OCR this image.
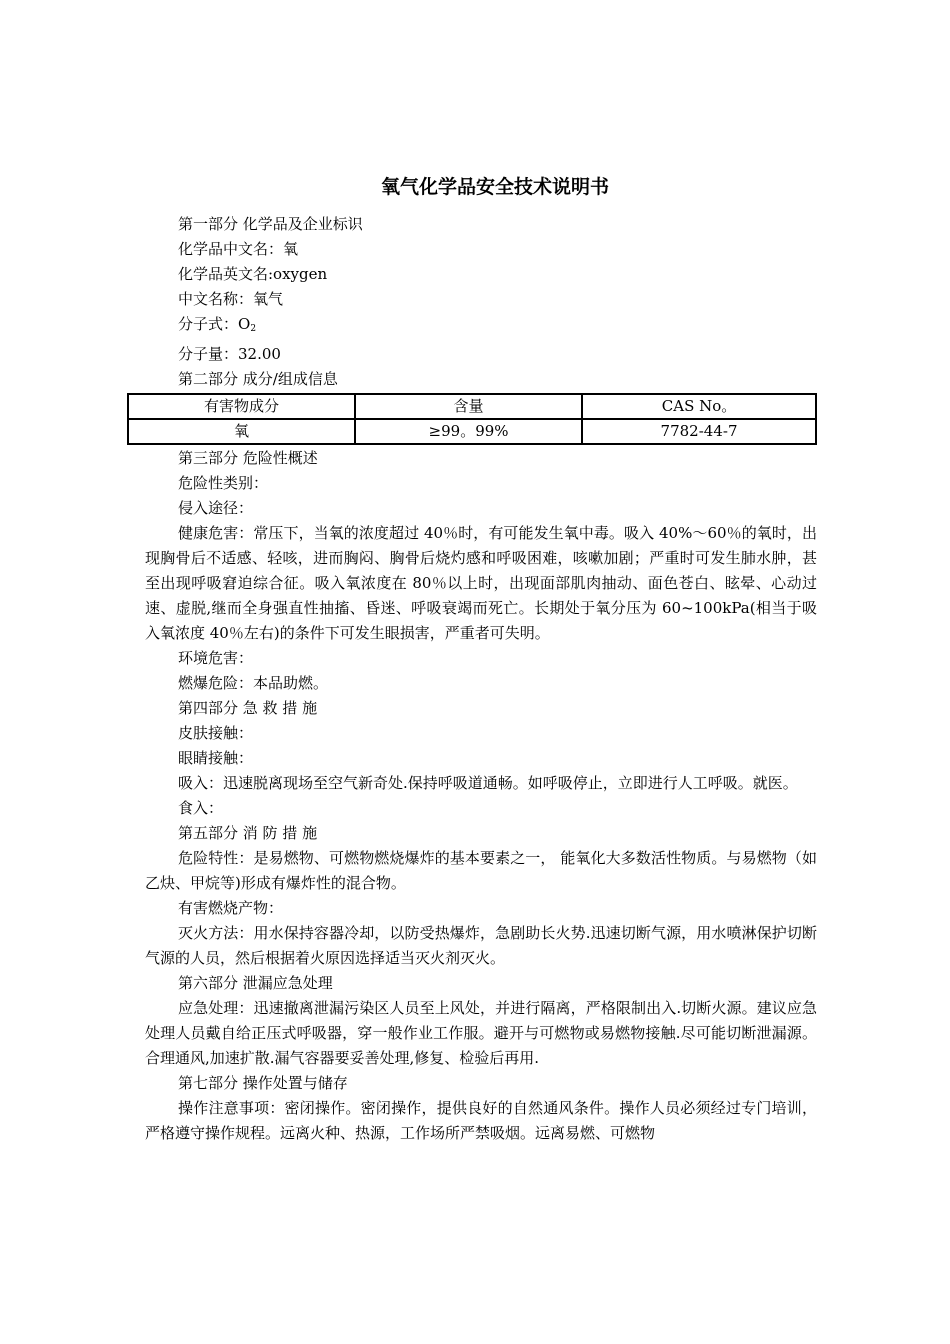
氧气化学品安全技术说明书

第一部分 化学品及企业标识

化学品中文名：氧

化学品英文名:oxygen

中文名称：氧气

分子式：$O_2$

分子量：32.00

第二部分 成分/组成信息

有害物成分	含量	CAS No。
氧	≥99。99%	7782-44-7

第三部分 危险性概述

危险性类别：

侵入途径：

健康危害：常压下，当氧的浓度超过 40％时，有可能发生氧中毒。吸入 40%～60％的氧时，出现胸骨后不适感、轻咳，进而胸闷、胸骨后烧灼感和呼吸困难，咳嗽加剧；严重时可发生肺水肿，甚至出现呼吸窘迫综合征。吸入氧浓度在 80％以上时，出现面部肌肉抽动、面色苍白、眩晕、心动过速、虚脱,继而全身强直性抽搐、昏迷、呼吸衰竭而死亡。长期处于氧分压为 60~100kPa(相当于吸入氧浓度 40％左右)的条件下可发生眼损害，严重者可失明。

环境危害：

燃爆危险：本品助燃。

第四部分 急 救 措 施

皮肤接触：

眼睛接触：

吸入：迅速脱离现场至空气新奇处.保持呼吸道通畅。如呼吸停止，立即进行人工呼吸。就医。

食入：

第五部分 消 防 措 施

危险特性：是易燃物、可燃物燃烧爆炸的基本要素之一， 能氧化大多数活性物质。与易燃物（如乙炔、甲烷等)形成有爆炸性的混合物。

有害燃烧产物：

灭火方法：用水保持容器冷却，以防受热爆炸，急剧助长火势.迅速切断气源，用水喷淋保护切断气源的人员，然后根据着火原因选择适当灭火剂灭火。

第六部分 泄漏应急处理

应急处理：迅速撤离泄漏污染区人员至上风处，并进行隔离，严格限制出入.切断火源。建议应急处理人员戴自给正压式呼吸器，穿一般作业工作服。避开与可燃物或易燃物接触.尽可能切断泄漏源。合理通风,加速扩散.漏气容器要妥善处理,修复、检验后再用.

第七部分 操作处置与储存

操作注意事项：密闭操作。密闭操作，提供良好的自然通风条件。操作人员必须经过专门培训，严格遵守操作规程。远离火种、热源，工作场所严禁吸烟。远离易燃、可燃物
